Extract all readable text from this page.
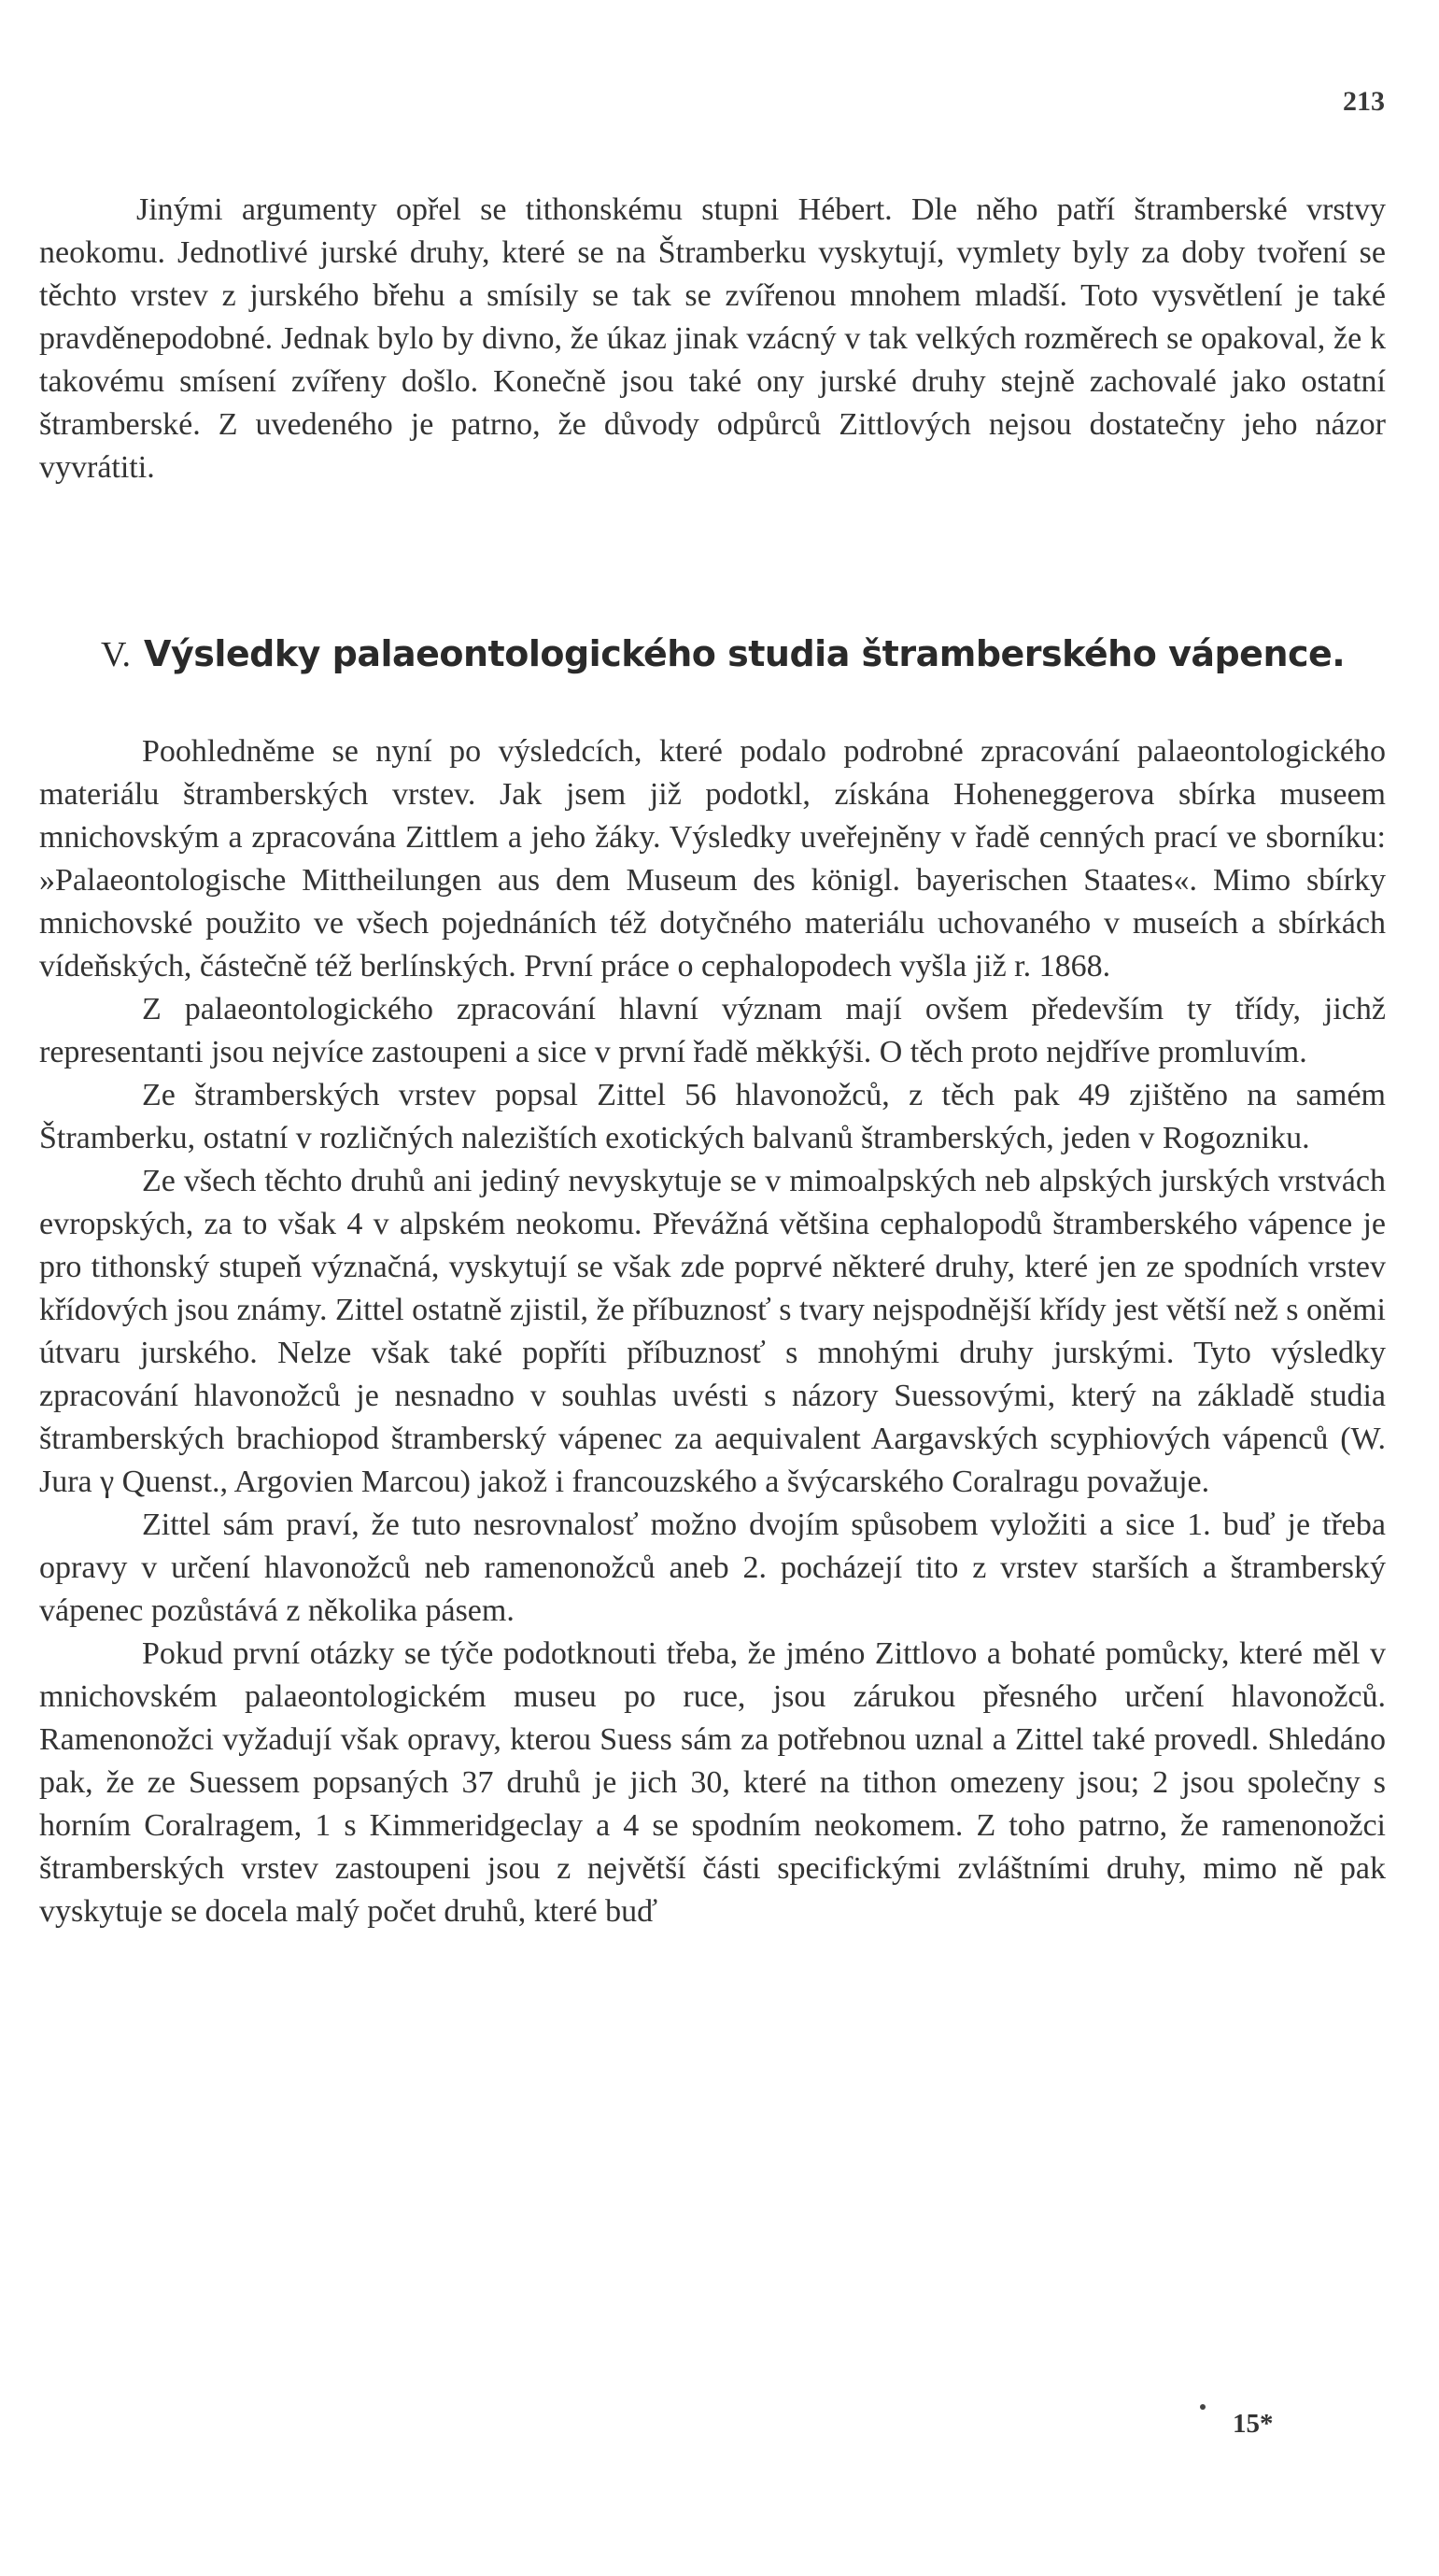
213

Jinými argumenty opřel se tithonskému stupni Hébert. Dle něho patří štramberské vrstvy neokomu. Jednotlivé jurské druhy, které se na Štramberku vyskytují, vymlety byly za doby tvoření se těchto vrstev z jurského břehu a smísily se tak se zvířenou mnohem mladší. Toto vysvětlení je také pravděnepodobné. Jednak bylo by divno, že úkaz jinak vzácný v tak velkých rozměrech se opakoval, že k takovému smísení zvířeny došlo. Konečně jsou také ony jurské druhy stejně zachovalé jako ostatní štramberské. Z uvedeného je patrno, že důvody odpůrců Zittlových nejsou dostatečny jeho názor vyvrátiti.

V. Výsledky palaeontologického studia štramberského vápence.

Poohledněme se nyní po výsledcích, které podalo podrobné zpracování palaeontologického materiálu štramberských vrstev. Jak jsem již podotkl, získána Hoheneggerova sbírka museem mnichovským a zpracována Zittlem a jeho žáky. Výsledky uveřejněny v řadě cenných prací ve sborníku: »Palaeontologische Mittheilungen aus dem Museum des königl. bayerischen Staates«. Mimo sbírky mnichovské použito ve všech pojednáních též dotyčného materiálu uchovaného v museích a sbírkách vídeňských, částečně též berlínských. První práce o cephalopodech vyšla již r. 1868.

Z palaeontologického zpracování hlavní význam mají ovšem především ty třídy, jichž representanti jsou nejvíce zastoupeni a sice v první řadě měkkýši. O těch proto nejdříve promluvím.

Ze štramberských vrstev popsal Zittel 56 hlavonožců, z těch pak 49 zjištěno na samém Štramberku, ostatní v rozličných nalezištích exotických balvanů štramberských, jeden v Rogozniku.

Ze všech těchto druhů ani jediný nevyskytuje se v mimoalpských neb alpských jurských vrstvách evropských, za to však 4 v alpském neokomu. Převážná většina cephalopodů štramberského vápence je pro tithonský stupeň význačná, vyskytují se však zde poprvé některé druhy, které jen ze spodních vrstev křídových jsou známy. Zittel ostatně zjistil, že příbuznosť s tvary nejspodnější křídy jest větší než s oněmi útvaru jurského. Nelze však také popříti příbuznosť s mnohými druhy jurskými. Tyto výsledky zpracování hlavonožců je nesnadno v souhlas uvésti s názory Suessovými, který na základě studia štramberských brachiopod štramberský vápenec za aequivalent Aargavských scyphiových vápenců (W. Jura γ Quenst., Argovien Marcou) jakož i francouzského a švýcarského Coralragu považuje.

Zittel sám praví, že tuto nesrovnalosť možno dvojím spůsobem vyložiti a sice 1. buď je třeba opravy v určení hlavonožců neb ramenonožců aneb 2. pocházejí tito z vrstev starších a štramberský vápenec pozůstává z několika pásem.

Pokud první otázky se týče podotknouti třeba, že jméno Zittlovo a bohaté pomůcky, které měl v mnichovském palaeontologickém museu po ruce, jsou zárukou přesného určení hlavonožců. Ramenonožci vyžadují však opravy, kterou Suess sám za potřebnou uznal a Zittel také provedl. Shledáno pak, že ze Suessem popsaných 37 druhů je jich 30, které na tithon omezeny jsou; 2 jsou společny s horním Coralragem, 1 s Kimmeridgeclay a 4 se spodním neokomem. Z toho patrno, že ramenonožci štramberských vrstev zastoupeni jsou z největší části specifickými zvláštními druhy, mimo ně pak vyskytuje se docela malý počet druhů, které buď

15*
